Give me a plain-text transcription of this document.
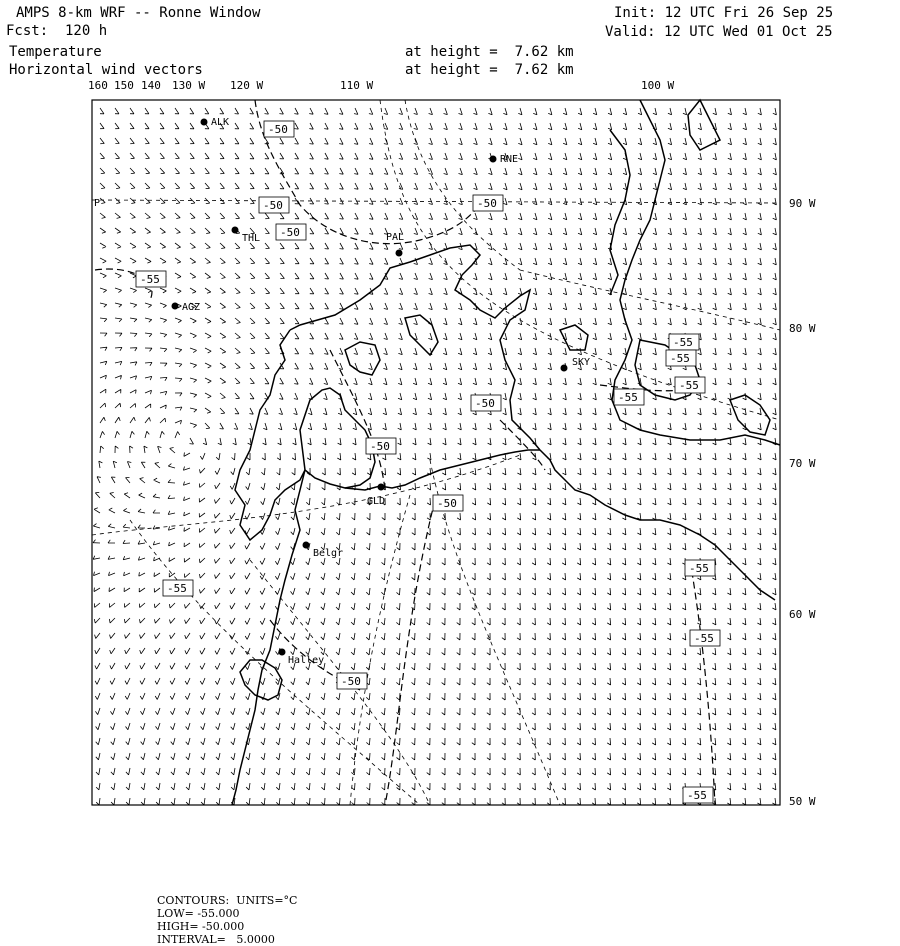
AMPS 8-km WRF -- Ronne Window
Fcst:  120 h
Temperature
Horizontal wind vectors
Init: 12 UTC Fri 26 Sep 25
Valid: 12 UTC Wed 01 Oct 25
at height =  7.62 km
at height =  7.62 km
160 150 140 130 W 120 W	110 W	100 W
90 W
80 W
70 W
60 W
50 W
P
ALK
RNE
THL	PAL
AGZ
SKY
GLD
Belgr
Halley
-50
-50
-50
-50
-55
-50
-50
-50
-55
-55
-55
-55
-55
-55
-55
-50
-55

CONTOURS:  UNITS=°C
LOW= -55.000
HIGH= -50.000
INTERVAL=   5.0000
